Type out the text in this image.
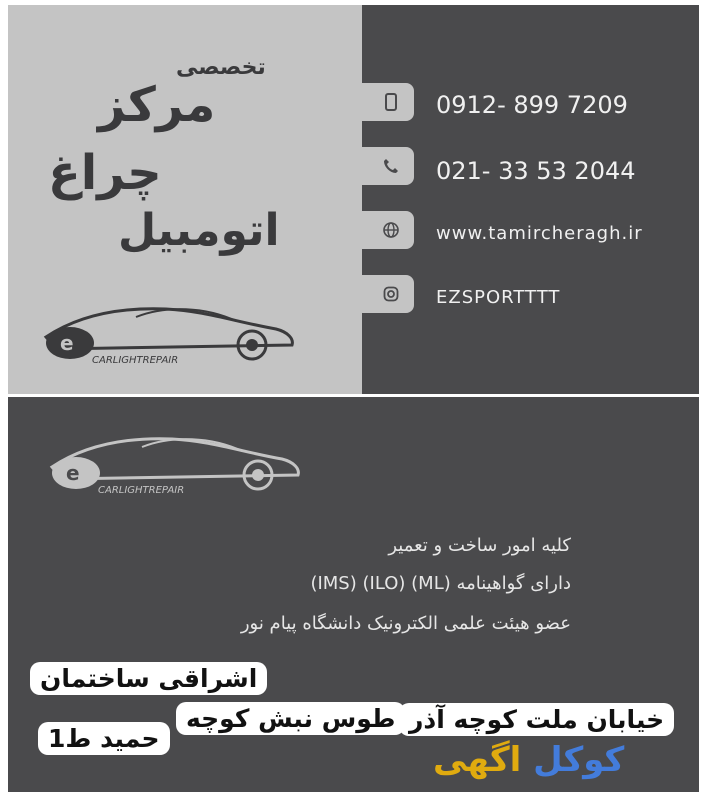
تخصصی
مرکز
چراغ
اتومبیل
e
CARLIGHTREPAIR
0912- 899 7209
021- 33 53 2044
www.tamircheragh.ir
EZSPORTTTT
e
CARLIGHTREPAIR
کلیه امور ساخت و تعمیر
دارای گواهینامه (ML) (ILO) (IMS)
عضو هیئت علمی الکترونیک دانشگاه پیام نور
اشراقی ساختمان
طوس نبش کوچه خیابان ملت کوچه آذر
حمید ط1
کوکل اگهی
